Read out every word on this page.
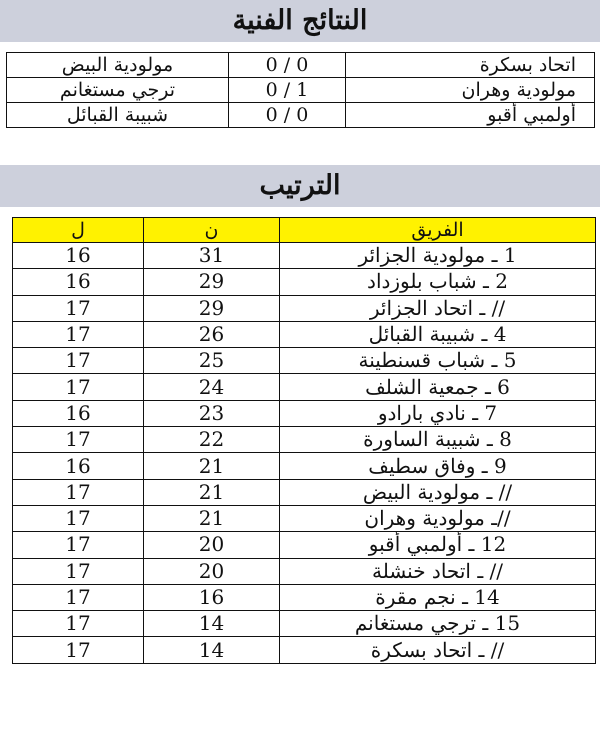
النتائج الفنية
مولودية البيض	0 / 0	اتحاد بسكرة
ترجي مستغانم	0 / 1	مولودية وهران
شبيبة القبائل	0 / 0	أولمبي أقبو
الترتيب
ل	ن	الفريق
16	31	1 ـ مولودية الجزائر
16	29	2 ـ شباب بلوزداد
17	29	// ـ اتحاد الجزائر
17	26	4 ـ شبيبة القبائل
17	25	5 ـ شباب قسنطينة
17	24	6 ـ جمعية الشلف
16	23	7 ـ نادي بارادو
17	22	8 ـ شبيبة الساورة
16	21	9 ـ وفاق سطيف
17	21	// ـ مولودية البيض
17	21	//ـ مولودية وهران
17	20	12 ـ أولمبي أقبو
17	20	// ـ اتحاد خنشلة
17	16	14 ـ نجم مقرة
17	14	15 ـ ترجي مستغانم
17	14	// ـ اتحاد بسكرة
